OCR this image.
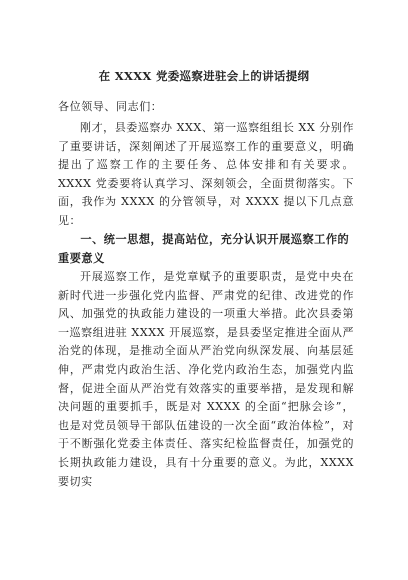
在 XXXX 党委巡察进驻会上的讲话提纲
各位领导、同志们：

刚才，县委巡察办 XXX、第一巡察组组长 XX 分别作了重要讲话，深刻阐述了开展巡察工作的重要意义，明确提出了巡察工作的主要任务、总体安排和有关要求。XXXX 党委要将认真学习、深刻领会，全面贯彻落实。下面，我作为 XXXX 的分管领导，对 XXXX 提以下几点意见：

一、统一思想，提高站位，充分认识开展巡察工作的重要意义

开展巡察工作，是党章赋予的重要职责，是党中央在新时代进一步强化党内监督、严肃党的纪律、改进党的作风、加强党的执政能力建设的一项重大举措。此次县委第一巡察组进驻 XXXX 开展巡察，是县委坚定推进全面从严治党的体现，是推动全面从严治党向纵深发展、向基层延伸，严肃党内政治生活、净化党内政治生态，加强党内监督，促进全面从严治党有效落实的重要举措，是发现和解决问题的重要抓手，既是对 XXXX 的全面“把脉会诊”，也是对党员领导干部队伍建设的一次全面“政治体检”，对于不断强化党委主体责任、落实纪检监督责任，加强党的长期执政能力建设，具有十分重要的意义。为此，XXXX 要切实
